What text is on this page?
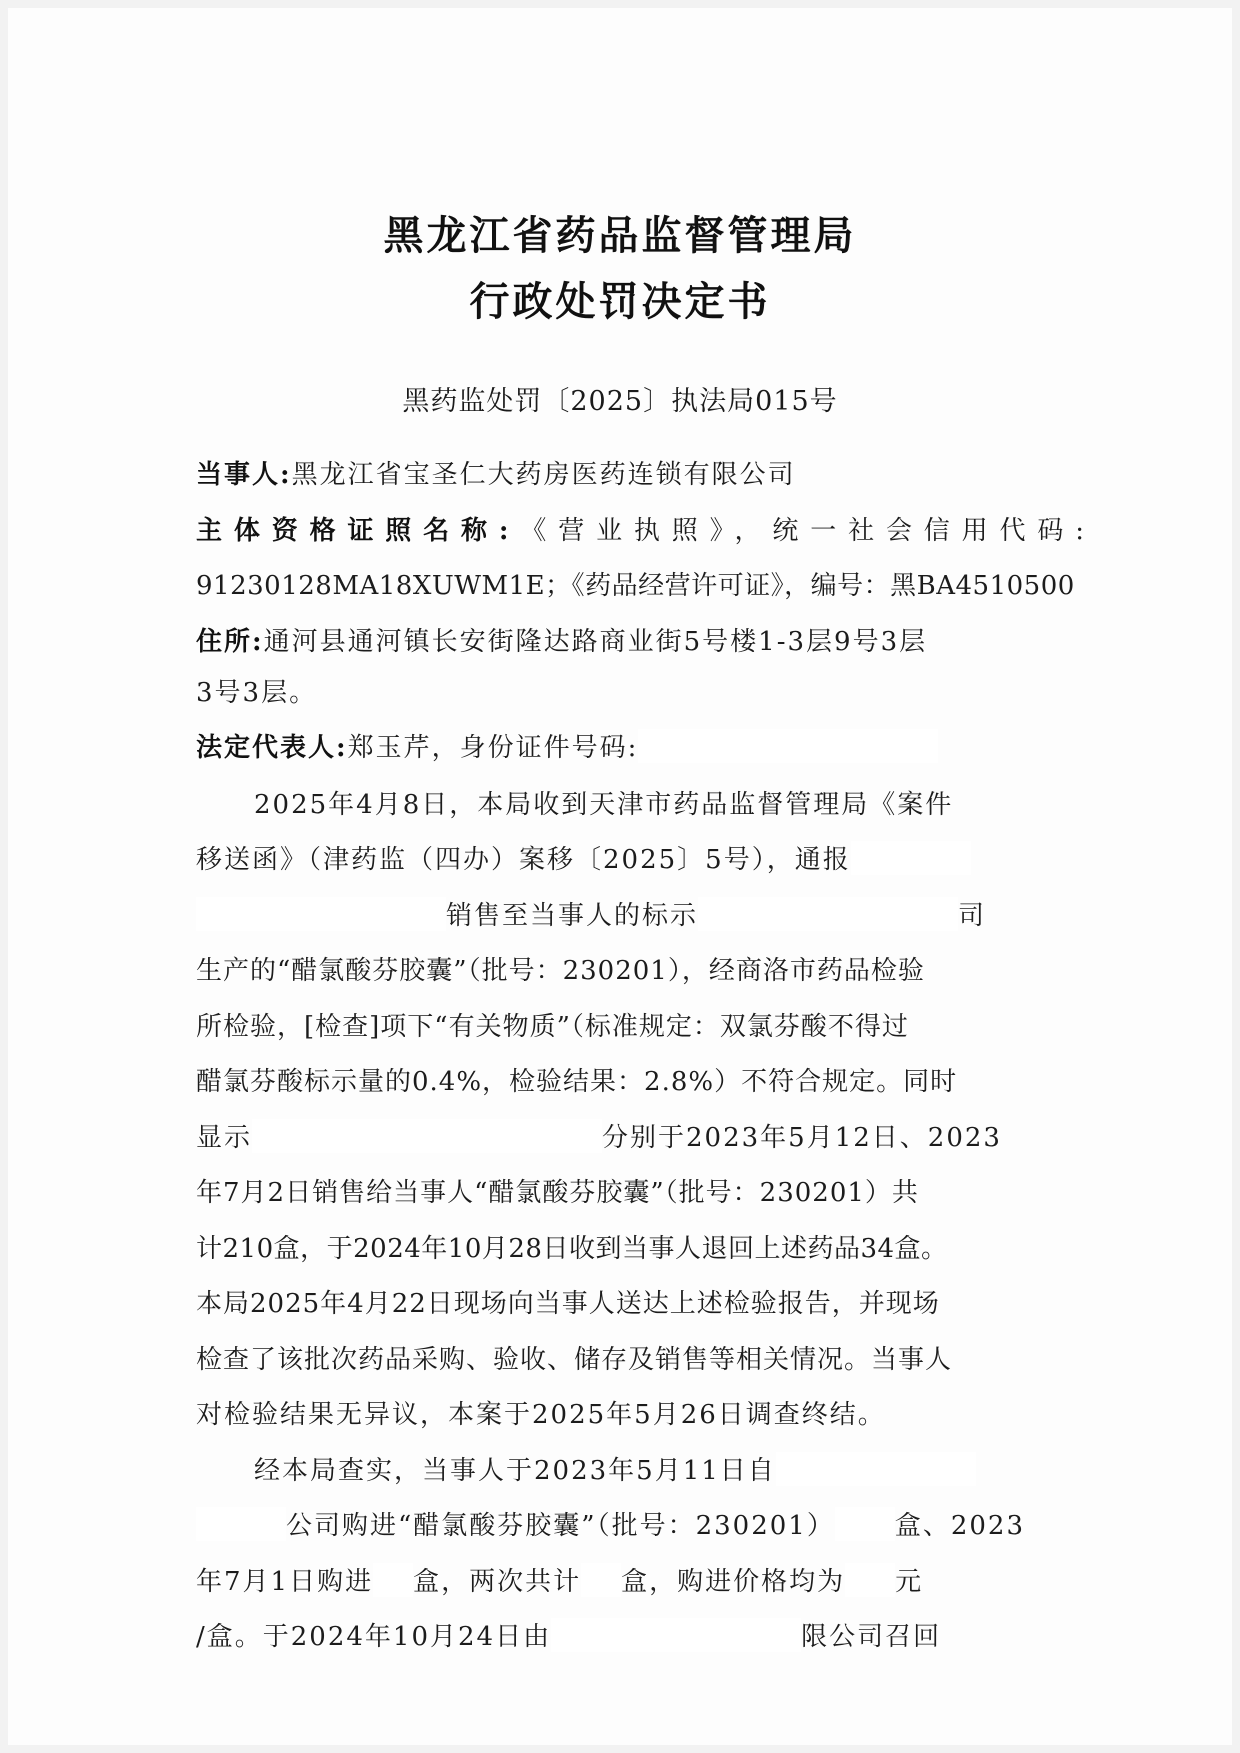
黑龙江省药品监督管理局
行政处罚决定书
黑药监处罚〔2025〕执法局015号
当事人:黑龙江省宝圣仁大药房医药连锁有限公司
主体资格证照名称:《营业执照》，统一社会信用代码:
91230128MA18XUWM1E；《药品经营许可证》，编号：黑BA4510500
住所:通河县通河镇长安街隆达路商业街5号楼1-3层9号3层
3号3层。
法定代表人:郑玉芹，身份证件号码:
2025年4月8日，本局收到天津市药品监督管理局《案件
移送函》（津药监（四办）案移〔2025〕5号），通报
销售至当事人的标示	司
生产的“醋氯酸芬胶囊”（批号：230201），经商洛市药品检验
所检验，[检查]项下“有关物质”（标准规定：双氯芬酸不得过
醋氯芬酸标示量的0.4%，检验结果：2.8%）不符合规定。同时
显示	分别于2023年5月12日、2023
年7月2日销售给当事人“醋氯酸芬胶囊”（批号：230201）共
计210盒，于2024年10月28日收到当事人退回上述药品34盒。
本局2025年4月22日现场向当事人送达上述检验报告，并现场
检查了该批次药品采购、验收、储存及销售等相关情况。当事人
对检验结果无异议，本案于2025年5月26日调查终结。
经本局查实，当事人于2023年5月11日自
公司购进“醋氯酸芬胶囊”（批号：230201） 盒、2023
年7月1日购进 盒，两次共计 盒，购进价格均为 元
/盒。于2024年10月24日由	限公司召回
